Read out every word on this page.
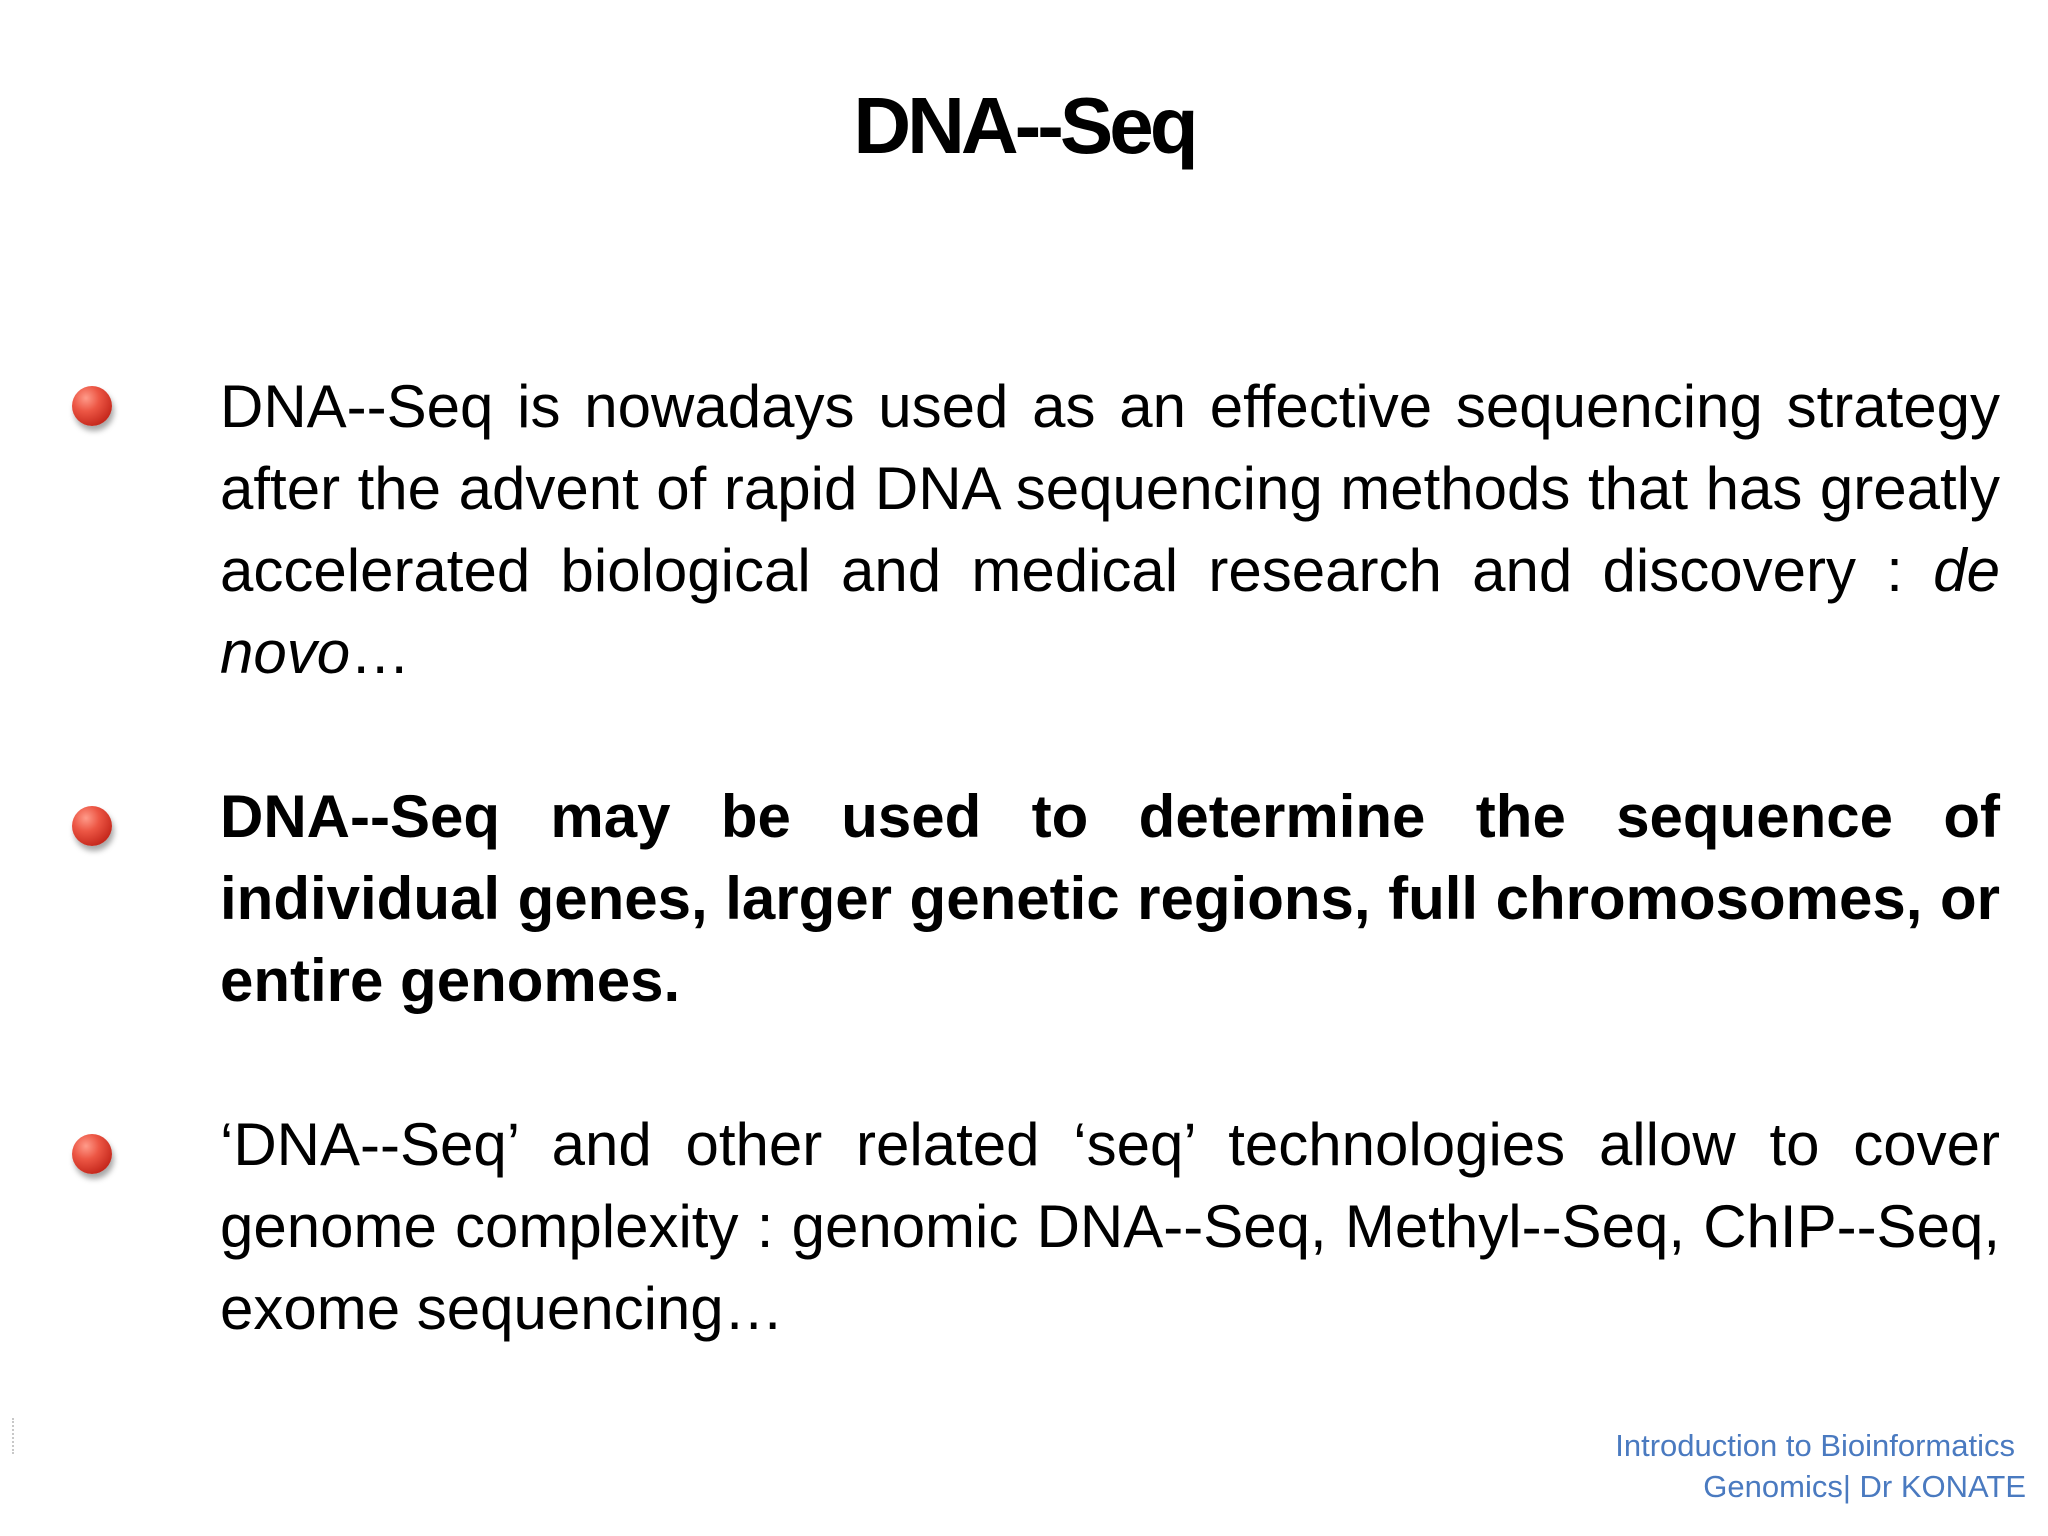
DNA--Seq

DNA--Seq is nowadays used as an effective sequencing strategy after the advent of rapid DNA sequencing methods that has greatly accelerated biological and medical research and discovery : de novo…

DNA--Seq may be used to determine the sequence of individual genes, larger genetic regions, full chromosomes, or entire genomes.

‘DNA--Seq’ and other related ‘seq’ technologies allow to cover genome complexity : genomic DNA--Seq, Methyl--Seq, ChIP--Seq, exome sequencing…

Introduction to Bioinformatics
Genomics| Dr KONATE
